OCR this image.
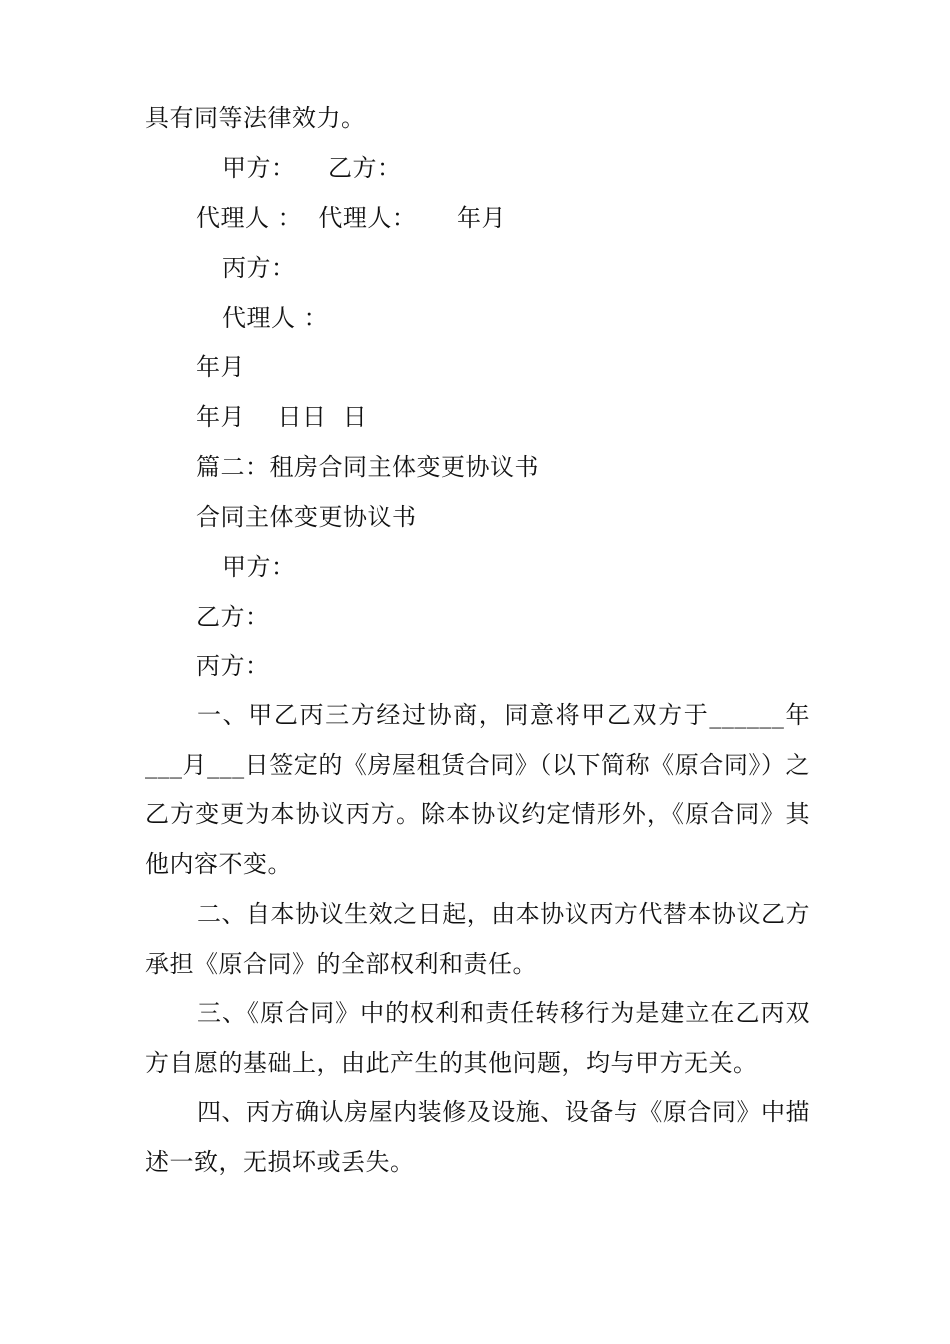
具有同等法律效力。
甲方：    乙方：
代理人 ：  代理人：     年月
丙方：
代理人 ：
年月
年月    日日  日
篇二：租房合同主体变更协议书
合同主体变更协议书
甲方：
乙方：
丙方：
一、甲乙丙三方经过协商，同意将甲乙双方于______年___月___日签定的《房屋租赁合同》（以下简称《原合同》）之乙方变更为本协议丙方。除本协议约定情形外，《原合同》其他内容不变。
二、自本协议生效之日起，由本协议丙方代替本协议乙方承担《原合同》的全部权利和责任。
三、《原合同》中的权利和责任转移行为是建立在乙丙双方自愿的基础上，由此产生的其他问题，均与甲方无关。
四、丙方确认房屋内装修及设施、设备与《原合同》中描述一致，无损坏或丢失。
